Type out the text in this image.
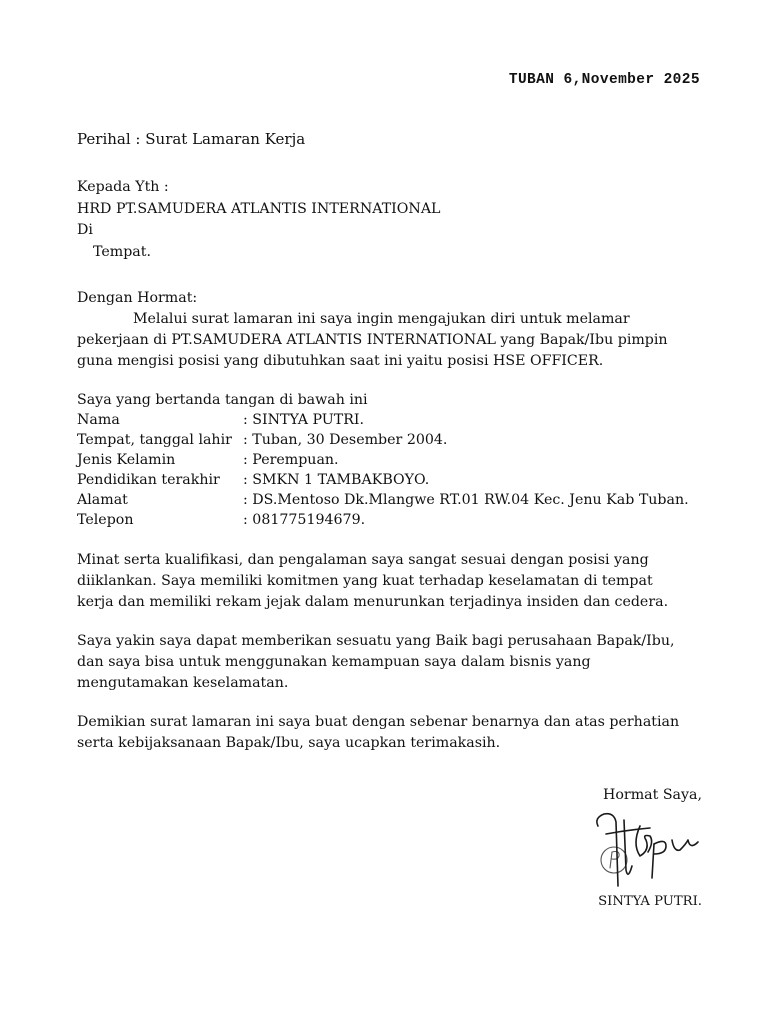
TUBAN 6,November 2025
Perihal : Surat Lamaran Kerja
Kepada Yth :
HRD PT.SAMUDERA ATLANTIS INTERNATIONAL
Di
Tempat.
Dengan Hormat:
Melalui surat lamaran ini saya ingin mengajukan diri untuk melamar
pekerjaan di PT.SAMUDERA ATLANTIS INTERNATIONAL yang Bapak/Ibu pimpin
guna mengisi posisi yang dibutuhkan saat ini yaitu posisi HSE OFFICER.
Saya yang bertanda tangan di bawah ini
Nama	: SINTYA PUTRI.
Tempat, tanggal lahir : Tuban, 30 Desember 2004.
Jenis Kelamin	: Perempuan.
Pendidikan terakhir : SMKN 1 TAMBAKBOYO.
Alamat	: DS.Mentoso Dk.Mlangwe RT.01 RW.04 Kec. Jenu Kab Tuban.
Telepon	: 081775194679.
Minat serta kualifikasi, dan pengalaman saya sangat sesuai dengan posisi yang
diiklankan. Saya memiliki komitmen yang kuat terhadap keselamatan di tempat
kerja dan memiliki rekam jejak dalam menurunkan terjadinya insiden dan cedera.
Saya yakin saya dapat memberikan sesuatu yang Baik bagi perusahaan Bapak/Ibu,
dan saya bisa untuk menggunakan kemampuan saya dalam bisnis yang
mengutamakan keselamatan.
Demikian surat lamaran ini saya buat dengan sebenar benarnya dan atas perhatian
serta kebijaksanaan Bapak/Ibu, saya ucapkan terimakasih.
Hormat Saya,
SINTYA PUTRI.
